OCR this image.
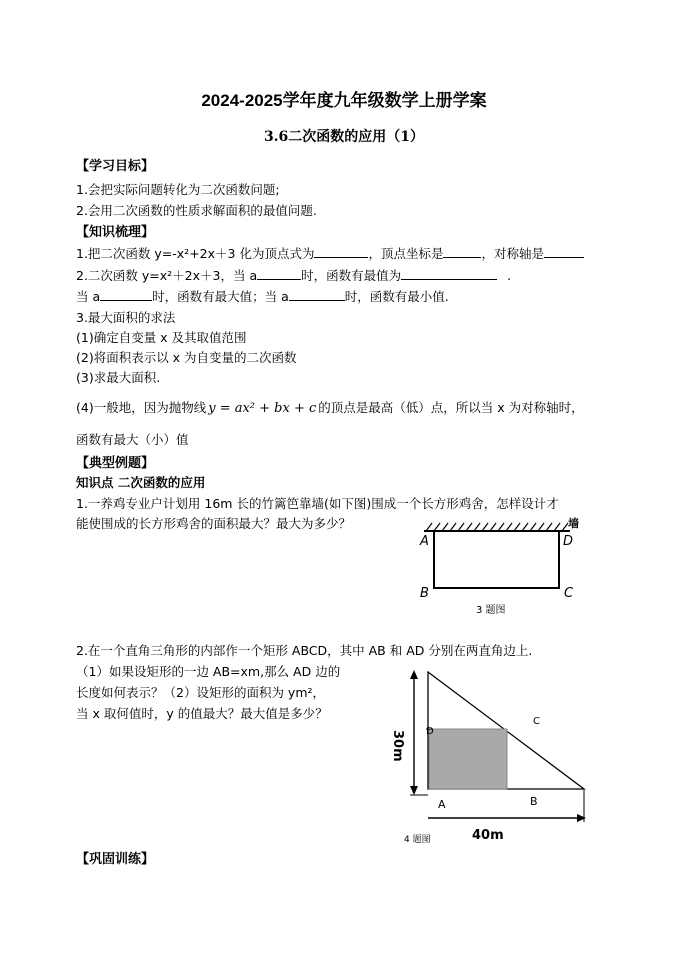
2024-2025学年度九年级数学上册学案
3.6二次函数的应用（1）
【学习目标】
1.会把实际问题转化为二次函数问题;
2.会用二次函数的性质求解面积的最值问题.
【知识梳理】
1.把二次函数 y=-x²+2x＋3 化为顶点式为	，顶点坐标是	，对称轴是
2.二次函数 y=x²＋2x＋3，当 a	时，函数有最值为	.
当 a	时，函数有最大值；当 a	时，函数有最小值.
3.最大面积的求法
(1)确定自变量 x 及其取值范围
(2)将面积表示以 x 为自变量的二次函数
(3)求最大面积.
(4)一般地，因为抛物线 y = ax² + bx + c 的顶点是最高（低）点，所以当 x 为对称轴时，
函数有最大（小）值
【典型例题】
知识点 二次函数的应用
1.一养鸡专业户计划用 16m 长的竹篱笆靠墙(如下图)围成一个长方形鸡舍，怎样设计才
能使围成的长方形鸡舍的面积最大？最大为多少？	墙
A	D
B	C
3 题图
2.在一个直角三角形的内部作一个矩形 ABCD，其中 AB 和 AD 分别在两直角边上.
（1）如果设矩形的一边 AB=xm,那么 AD 边的
长度如何表示？（2）设矩形的面积为 ym²，
当 x 取何值时，y 的值最大？最大值是多少？
30m
40m
D
C
A	B
4 题图
【巩固训练】
